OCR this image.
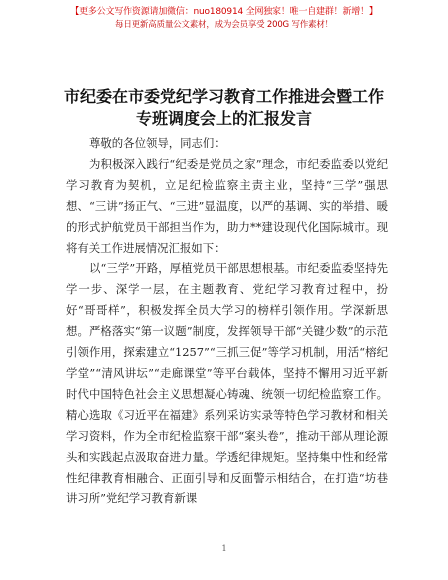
【更多公文写作资源请加微信：nuo180914 全网独家！唯一自建群！新增！】
每日更新高质量公文素材，成为会员享受 200G 写作素材！
市纪委在市委党纪学习教育工作推进会暨工作
专班调度会上的汇报发言

尊敬的各位领导，同志们：

为积极深入践行“纪委是党员之家”理念，市纪委监委以党纪学习教育为契机，立足纪检监察主责主业，坚持“三学”强思想、“三讲”扬正气、“三进”显温度，以严的基调、实的举措、暖的形式护航党员干部担当作为，助力**建设现代化国际城市。现将有关工作进展情况汇报如下：

以“三学”开路，厚植党员干部思想根基。市纪委监委坚持先学一步、深学一层，在主题教育、党纪学习教育过程中，扮好“哥哥样”，积极发挥全员大学习的榜样引领作用。学深新思想。严格落实“第一议题”制度，发挥领导干部“关键少数”的示范引领作用，探索建立“1257”“三抓三促”等学习机制，用活“榕纪学堂”“清风讲坛”“走廊课堂”等平台载体，坚持不懈用习近平新时代中国特色社会主义思想凝心铸魂、统领一切纪检监察工作。精心选取《习近平在福建》系列采访实录等特色学习教材和相关学习资料，作为全市纪检监察干部“案头卷”，推动干部从理论源头和实践起点汲取奋进力量。学透纪律规矩。坚持集中性和经常性纪律教育相融合、正面引导和反面警示相结合，在打造“坊巷讲习所”党纪学习教育新课

1
